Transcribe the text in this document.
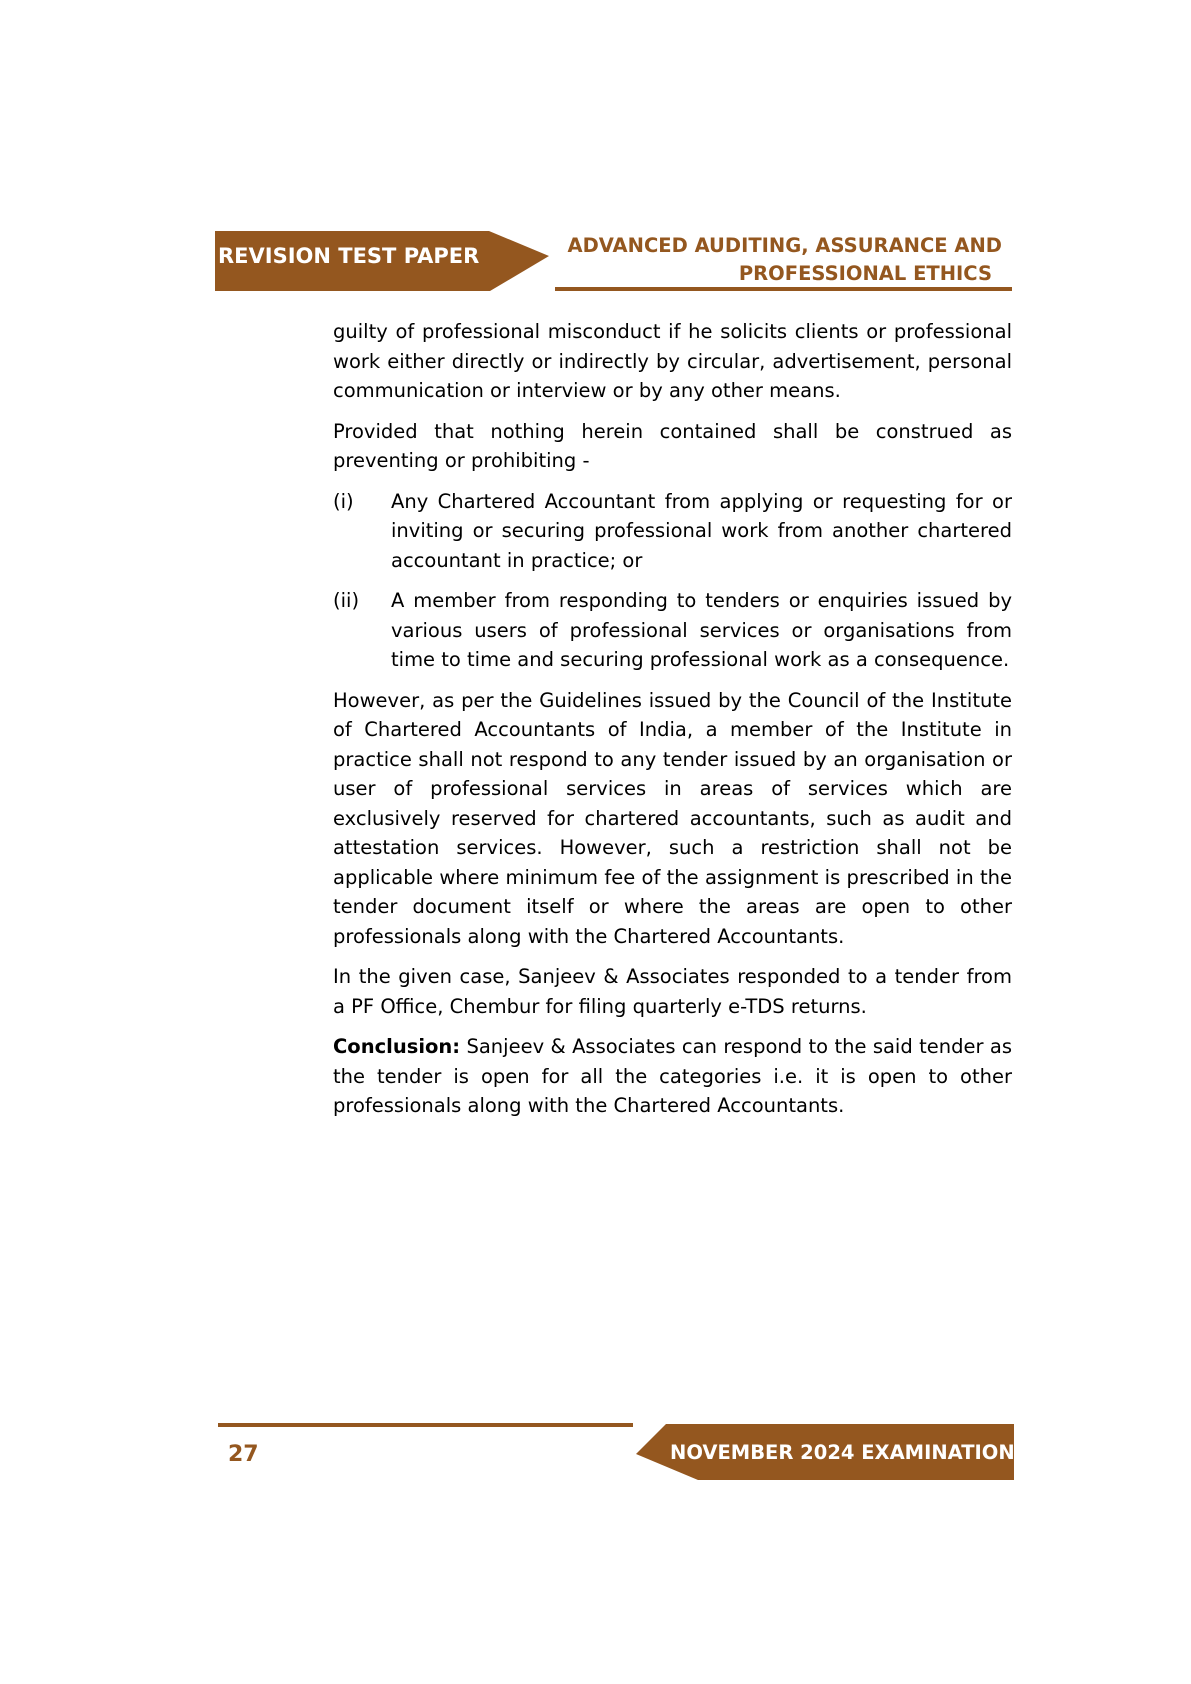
REVISION TEST PAPER	ADVANCED AUDITING, ASSURANCE AND
PROFESSIONAL ETHICS

guilty of professional misconduct if he solicits clients or professional work either directly or indirectly by circular, advertisement, personal communication or interview or by any other means.

Provided that nothing herein contained shall be construed as preventing or prohibiting -

(i)	Any Chartered Accountant from applying or requesting for or inviting or securing professional work from another chartered accountant in practice; or
(ii)	A member from responding to tenders or enquiries issued by various users of professional services or organisations from time to time and securing professional work as a consequence.

However, as per the Guidelines issued by the Council of the Institute of Chartered Accountants of India, a member of the Institute in practice shall not respond to any tender issued by an organisation or user of professional services in areas of services which are exclusively reserved for chartered accountants, such as audit and attestation services. However, such a restriction shall not be applicable where minimum fee of the assignment is prescribed in the tender document itself or where the areas are open to other professionals along with the Chartered Accountants.

In the given case, Sanjeev & Associates responded to a tender from a PF Office, Chembur for filing quarterly e-TDS returns.

Conclusion: Sanjeev & Associates can respond to the said tender as the tender is open for all the categories i.e. it is open to other professionals along with the Chartered Accountants.

27	NOVEMBER 2024 EXAMINATION
